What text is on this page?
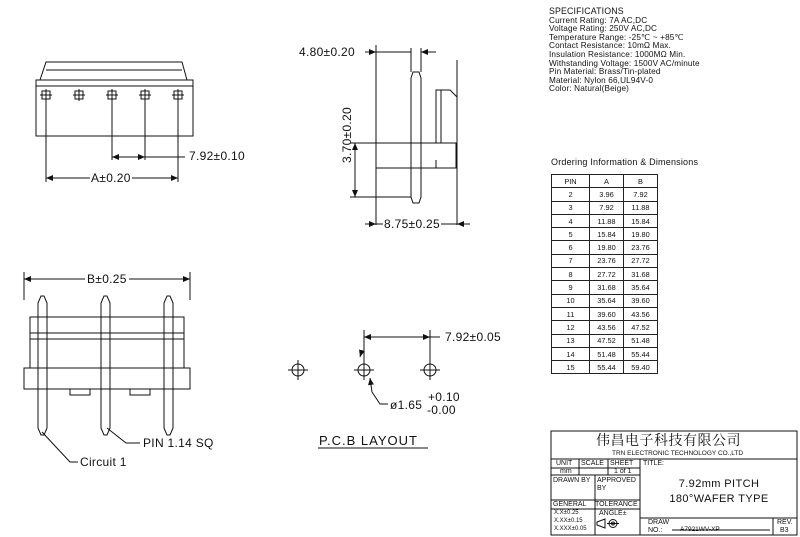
SPECIFICATIONS
Current Rating: 7A AC,DC
Voltage Rating: 250V AC,DC
Temperature Range: -25℃ ~ +85℃
Contact Resistance: 10mΩ Max.
Insulation Resistance: 1000MΩ Min.
Withstanding Voltage: 1500V AC/minute
Pin Material: Brass/Tin-plated
Material: Nylon 66,UL94V-0
Color: Natural(Beige)
Ordering Information & Dimensions
PIN	A	B
2	3.96	7.92
3	7.92	11.88
4	11.88	15.84
5	15.84	19.80
6	19.80	23.76
7	23.76	27.72
8	27.72	31.68
9	31.68	35.64
10	35.64	39.60
11	39.60	43.56
12	43.56	47.52
13	47.52	51.48
14	51.48	55.44
15	55.44	59.40
7.92±0.10
A±0.20
4.80±0.20
3.70±0.20
8.75±0.25
B±0.25
PIN 1.14 SQ
Circuit 1
P.C.B LAYOUT
7.92±0.05
ø1.65
+0.10
-0.00
伟昌电子科技有限公司
TRN ELECTRONIC TECHNOLOGY CO.,LTD
UNIT
mm
SCALE SHEET
1 of 1
TITLE:
DRAWN BY APPROVED BY	7.92mm PITCH
180°WAFER TYPE
GENERAL TOLERANCE
X.X±0.25
X.XX±0.15
X.XXX±0.05
ANGLE±
DRAW
NO.:	A7921WV-XP
REV.
B3
